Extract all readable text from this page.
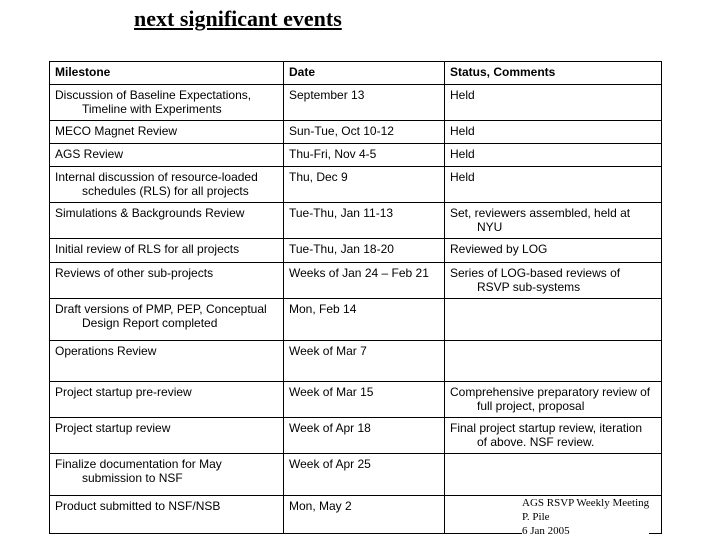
next significant events
Milestone	Date	Status, Comments

Discussion of Baseline Expectations,
Timeline with Experiments	September 13	Held

MECO Magnet Review	Sun-Tue, Oct 10-12	Held

AGS Review	Thu-Fri, Nov 4-5	Held

Internal discussion of resource-loaded
schedules (RLS) for all projects	Thu, Dec 9	Held

Simulations & Backgrounds Review	Tue-Thu, Jan 11-13	Set, reviewers assembled, held at
NYU

Initial review of RLS for all projects	Tue-Thu, Jan 18-20	Reviewed by LOG

Reviews of other sub-projects	Weeks of Jan 24 – Feb 21	Series of LOG-based reviews of
RSVP sub-systems

Draft versions of PMP, PEP, Conceptual
Design Report completed	Mon, Feb 14	

Operations Review	Week of Mar 7	

Project startup pre-review	Week of Mar 15	Comprehensive preparatory review of
full project, proposal

Project startup review	Week of Apr 18	Final project startup review, iteration
of above. NSF review.

Finalize documentation for May
submission to NSF	Week of Apr 25	

Product submitted to NSF/NSB	Mon, May 2		AGS RSVP Weekly Meeting
P. Pile
6 Jan 2005
